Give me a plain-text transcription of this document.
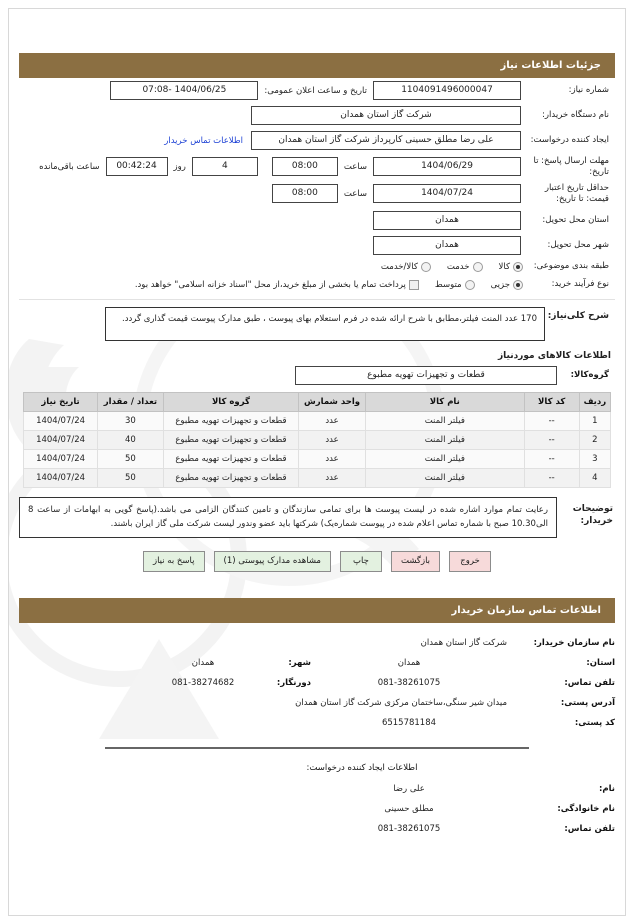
جزئیات اطلاعات نیاز
شماره نیاز:
1104091496000047
تاریخ و ساعت اعلان عمومی:
1404/06/25 -07:08
نام دستگاه خریدار:
شرکت گاز استان همدان
ایجاد کننده درخواست:
علی رضا مطلق حسینی کارپرداز شرکت گاز استان همدان
اطلاعات تماس خریدار
مهلت ارسال پاسخ: تا تاریخ:
1404/06/29
ساعت
08:00
4
روز
00:42:24
ساعت باقی‌مانده
حداقل تاریخ اعتبار قیمت: تا تاریخ:
1404/07/24
ساعت
08:00
استان محل تحویل:
همدان
شهر محل تحویل:
همدان
طبقه بندی موضوعی:
کالا
خدمت
کالا/خدمت
نوع فرآیند خرید:
جزیی
متوسط
پرداخت تمام یا بخشی از مبلغ خرید،از محل "اسناد خزانه اسلامی" خواهد بود.
شرح کلی‌نیاز:
170 عدد المنت فیلتر،مطابق با شرح ارائه شده در فرم استعلام بهای پیوست ، طبق مدارک پیوست قیمت گذاری گردد.
اطلاعات کالاهای موردنیاز
گروه‌کالا:
قطعات و تجهیزات تهویه مطبوع
ردیف	کد کالا	نام کالا	واحد شمارش	گروه کالا	تعداد / مقدار	تاریخ نیاز
1	--	فیلتر المنت	عدد	قطعات و تجهیزات تهویه مطبوع	30	1404/07/24
2	--	فیلتر المنت	عدد	قطعات و تجهیزات تهویه مطبوع	40	1404/07/24
3	--	فیلتر المنت	عدد	قطعات و تجهیزات تهویه مطبوع	50	1404/07/24
4	--	فیلتر المنت	عدد	قطعات و تجهیزات تهویه مطبوع	50	1404/07/24
توضیحات خریدار:
رعایت تمام موارد اشاره شده در لیست پیوست ها برای تمامی سازندگان و تامین کنندگان الزامی می باشد.(پاسخ گویی به ابهامات از ساعت 8 الی10.30 صبح با شماره تماس اعلام شده در پیوست شماره‌یک) شرکتها باید عضو وندور لیست شرکت ملی گاز ایران باشند.
خروج
بازگشت
چاپ
مشاهده مدارک پیوستی (1)
پاسخ به نیاز
اطلاعات تماس سازمان خریدار
نام سازمان خریدار:
شرکت گاز استان همدان
استان:
همدان
شهر:
همدان
تلفن تماس:
081-38261075
دورنگار:
081-38274682
آدرس پستی:
میدان شیر سنگی،ساختمان مرکزی شرکت گاز استان همدان
کد پستی:
6515781184
اطلاعات ایجاد کننده درخواست:
نام:
علی رضا
نام خانوادگی:
مطلق حسینی
تلفن تماس:
081-38261075
